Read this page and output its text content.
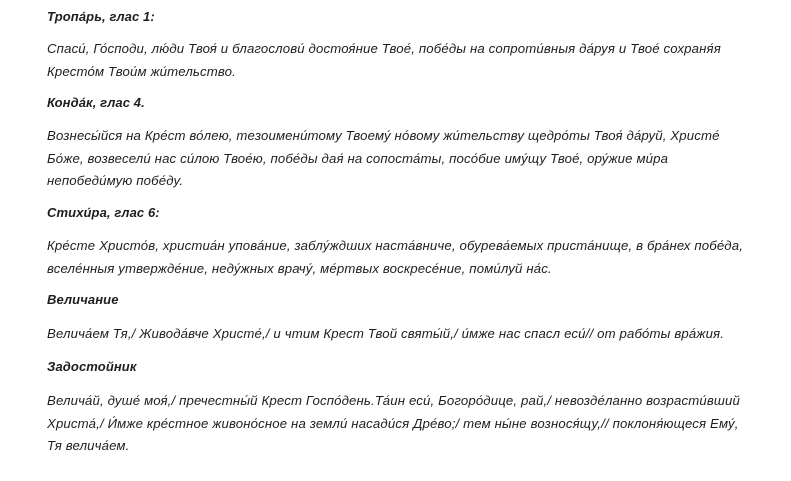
Тропа́рь, глас 1:
Спаси́, Го́споди, лю́ди Твоя́ и благослови́ достоя́ние Твое́, побе́ды на сопроти́вныя да́руя и Твое́ сохраня́я
Кресто́м Твои́м жи́тельство.
Конда́к, глас 4.
Вознесы́йся на Кре́ст во́лею, тезоимени́тому Твоему́ но́вому жи́тельству щедро́ты Твоя́ да́руй, Христе́
Бо́же, возвесели́ нас си́лою Твое́ю, побе́ды дая́ на сопоста́ты, посо́бие иму́щу Твое́, ору́жие ми́ра
непобеди́мую побе́ду.
Стихи́ра, глас 6:
Кре́сте Христо́в, христиа́н упова́ние, заблу́ждших наста́вниче, обурева́емых приста́нище, в бра́нех побе́да,
вселе́нныя утвержде́ние, неду́жных врачу́, ме́ртвых воскресе́ние, поми́луй на́с.
Величание
Велича́ем Тя,/ Живода́вче Христе́,/ и чтим Крест Твой святы́й,/ и́мже нас спасл еси́// от рабо́ты вра́жия.
Задостойник
Велича́й, душе́ моя́,/ пречестны́й Крест Госпо́день.Та́ин еси́, Богоро́дице, рай,/ невозде́ланно возрасти́вший
Христа́,/ И́мже кре́стное живоно́сное на земли́ насади́ся Дре́во;/ тем ны́не вознося́щу,// поклоня́ющеся Ему́,
Тя велича́ем.
